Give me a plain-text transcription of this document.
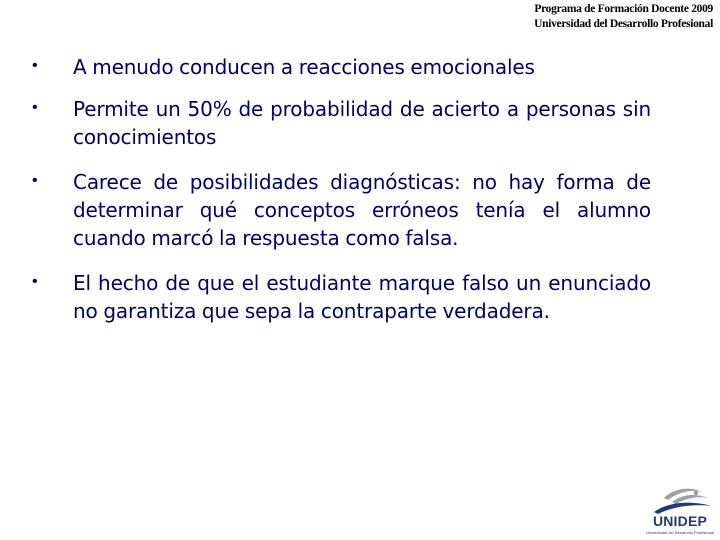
Programa de Formación Docente 2009
Universidad del Desarrollo Profesional
• A menudo conducen a reacciones emocionales
• Permite un 50% de probabilidad de acierto a personas sin conocimientos
• Carece de posibilidades diagnósticas: no hay forma de determinar qué conceptos erróneos tenía el alumno cuando marcó la respuesta como falsa.
• El hecho de que el estudiante marque falso un enunciado no garantiza que sepa la contraparte verdadera.
UNIDEP
Universidad del Desarrollo Profesional
